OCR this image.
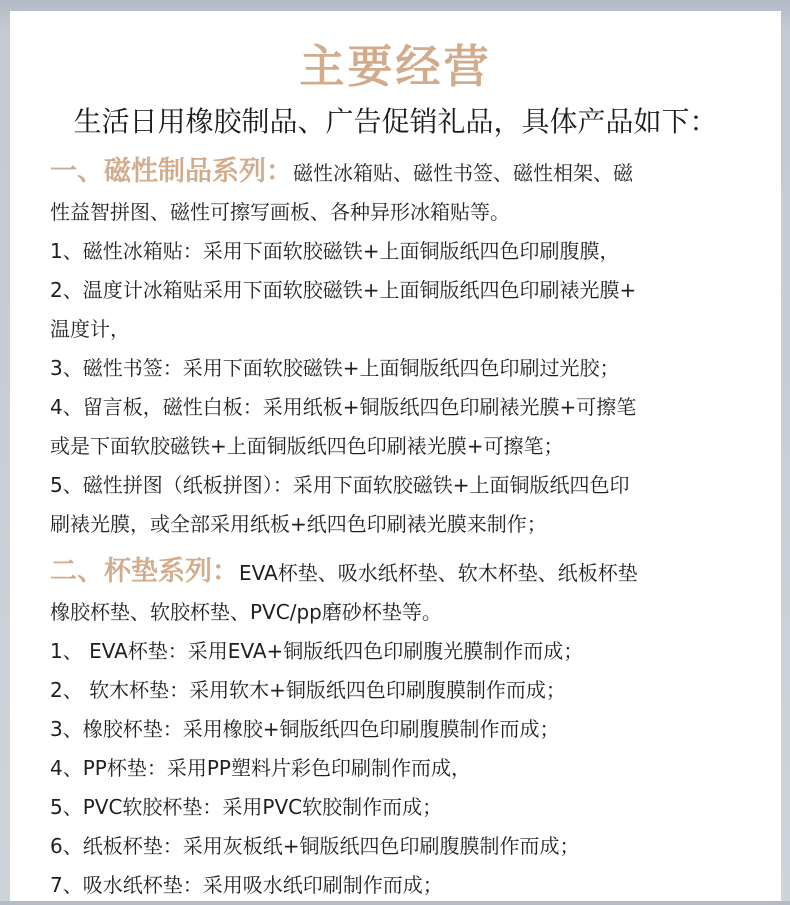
主要经营

生活日用橡胶制品、广告促销礼品，具体产品如下：

一、磁性制品系列：磁性冰箱贴、磁性书签、磁性相架、磁
性益智拼图、磁性可擦写画板、各种异形冰箱贴等。
1、磁性冰箱贴：采用下面软胶磁铁+上面铜版纸四色印刷腹膜，
2、温度计冰箱贴采用下面软胶磁铁+上面铜版纸四色印刷裱光膜+
温度计，
3、磁性书签：采用下面软胶磁铁+上面铜版纸四色印刷过光胶；
4、留言板，磁性白板：采用纸板+铜版纸四色印刷裱光膜+可擦笔
或是下面软胶磁铁+上面铜版纸四色印刷裱光膜+可擦笔；
5、磁性拼图（纸板拼图）：采用下面软胶磁铁+上面铜版纸四色印
刷裱光膜，或全部采用纸板+纸四色印刷裱光膜来制作；
二、杯垫系列：EVA杯垫、吸水纸杯垫、软木杯垫、纸板杯垫
橡胶杯垫、软胶杯垫、PVC/pp磨砂杯垫等。
1、 EVA杯垫：采用EVA+铜版纸四色印刷腹光膜制作而成；
2、 软木杯垫：采用软木+铜版纸四色印刷腹膜制作而成；
3、橡胶杯垫：采用橡胶+铜版纸四色印刷腹膜制作而成；
4、PP杯垫：采用PP塑料片彩色印刷制作而成，
5、PVC软胶杯垫：采用PVC软胶制作而成；
6、纸板杯垫：采用灰板纸+铜版纸四色印刷腹膜制作而成；
7、吸水纸杯垫：采用吸水纸印刷制作而成；
